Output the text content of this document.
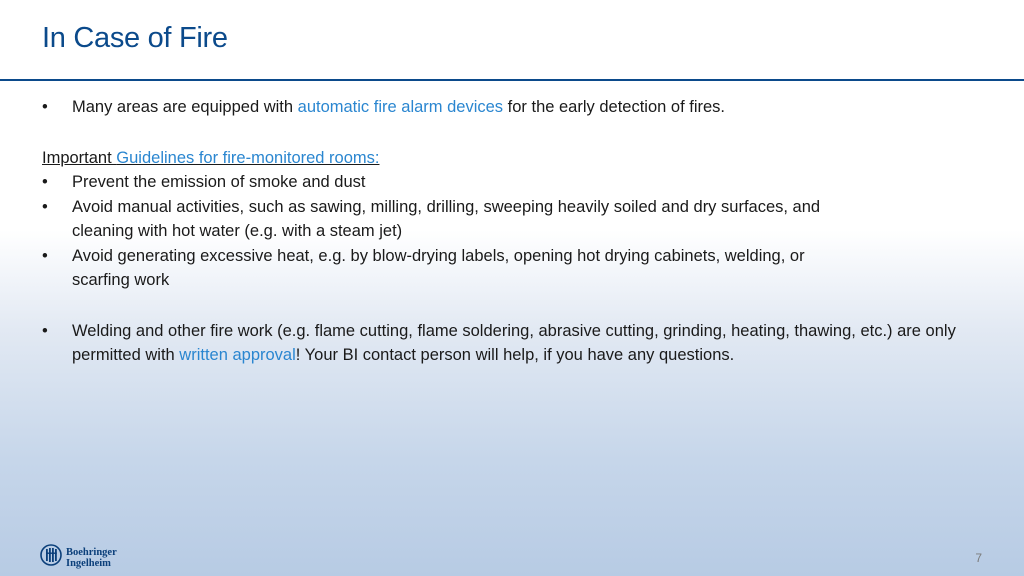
In Case of Fire
• Many areas are equipped with automatic fire alarm devices for the early detection of fires.
Important Guidelines for fire-monitored rooms:
• Prevent the emission of smoke and dust
• Avoid manual activities, such as sawing, milling, drilling, sweeping heavily soiled and dry surfaces, and cleaning with hot water (e.g. with a steam jet)
• Avoid generating excessive heat, e.g. by blow-drying labels, opening hot drying cabinets, welding, or scarfing work
• Welding and other fire work (e.g. flame cutting, flame soldering, abrasive cutting, grinding, heating, thawing, etc.) are only permitted with written approval! Your BI contact person will help, if you have any questions.
Boehringer
Ingelheim	7
